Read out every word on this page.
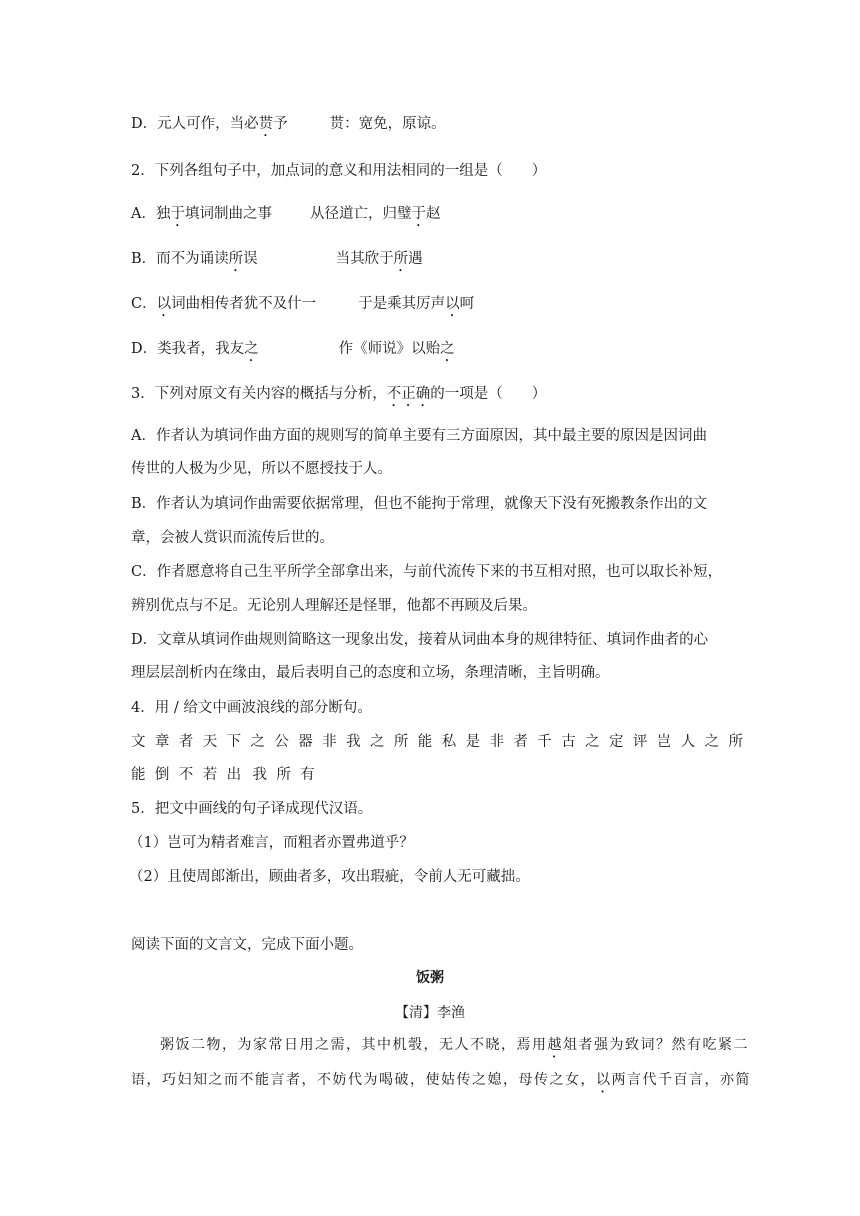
D．元人可作，当必贳予	贳：宽免，原谅。
2．下列各组句子中，加点词的意义和用法相同的一组是（　　）
A．独于填词制曲之事	从径道亡，归璧于赵
B．而不为诵读所误	当其欣于所遇
C．以词曲相传者犹不及什一	于是乘其厉声以呵
D．类我者，我友之	作《师说》以贻之
3．下列对原文有关内容的概括与分析，不正确的一项是（　　）
A．作者认为填词作曲方面的规则写的简单主要有三方面原因，其中最主要的原因是因词曲
传世的人极为少见，所以不愿授技于人。
B．作者认为填词作曲需要依据常理，但也不能拘于常理，就像天下没有死搬教条作出的文
章，会被人赏识而流传后世的。
C．作者愿意将自己生平所学全部拿出来，与前代流传下来的书互相对照，也可以取长补短，
辨别优点与不足。无论别人理解还是怪罪，他都不再顾及后果。
D．文章从填词作曲规则简略这一现象出发，接着从词曲本身的规律特征、填词作曲者的心
理层层剖析内在缘由，最后表明自己的态度和立场，条理清晰，主旨明确。
4．用 / 给文中画波浪线的部分断句。
文章者天下之公器非我之所能私是非者千古之定评岂人之所
能倒不若出 我所有
5．把文中画线的句子译成现代汉语。
（1）岂可为精者难言，而粗者亦置弗道乎？
（2）且使周郎渐出，顾曲者多，攻出瑕疵，令前人无可藏拙。
阅读下面的文言文，完成下面小题。
饭粥
【清】李渔
粥饭二物，为家常日用之需，其中机彀，无人不晓，焉用越俎者强为致词？然有吃紧二
语，巧妇知之而不能言者，不妨代为喝破，使姑传之媳，母传之女，以两言代千百言，亦简
